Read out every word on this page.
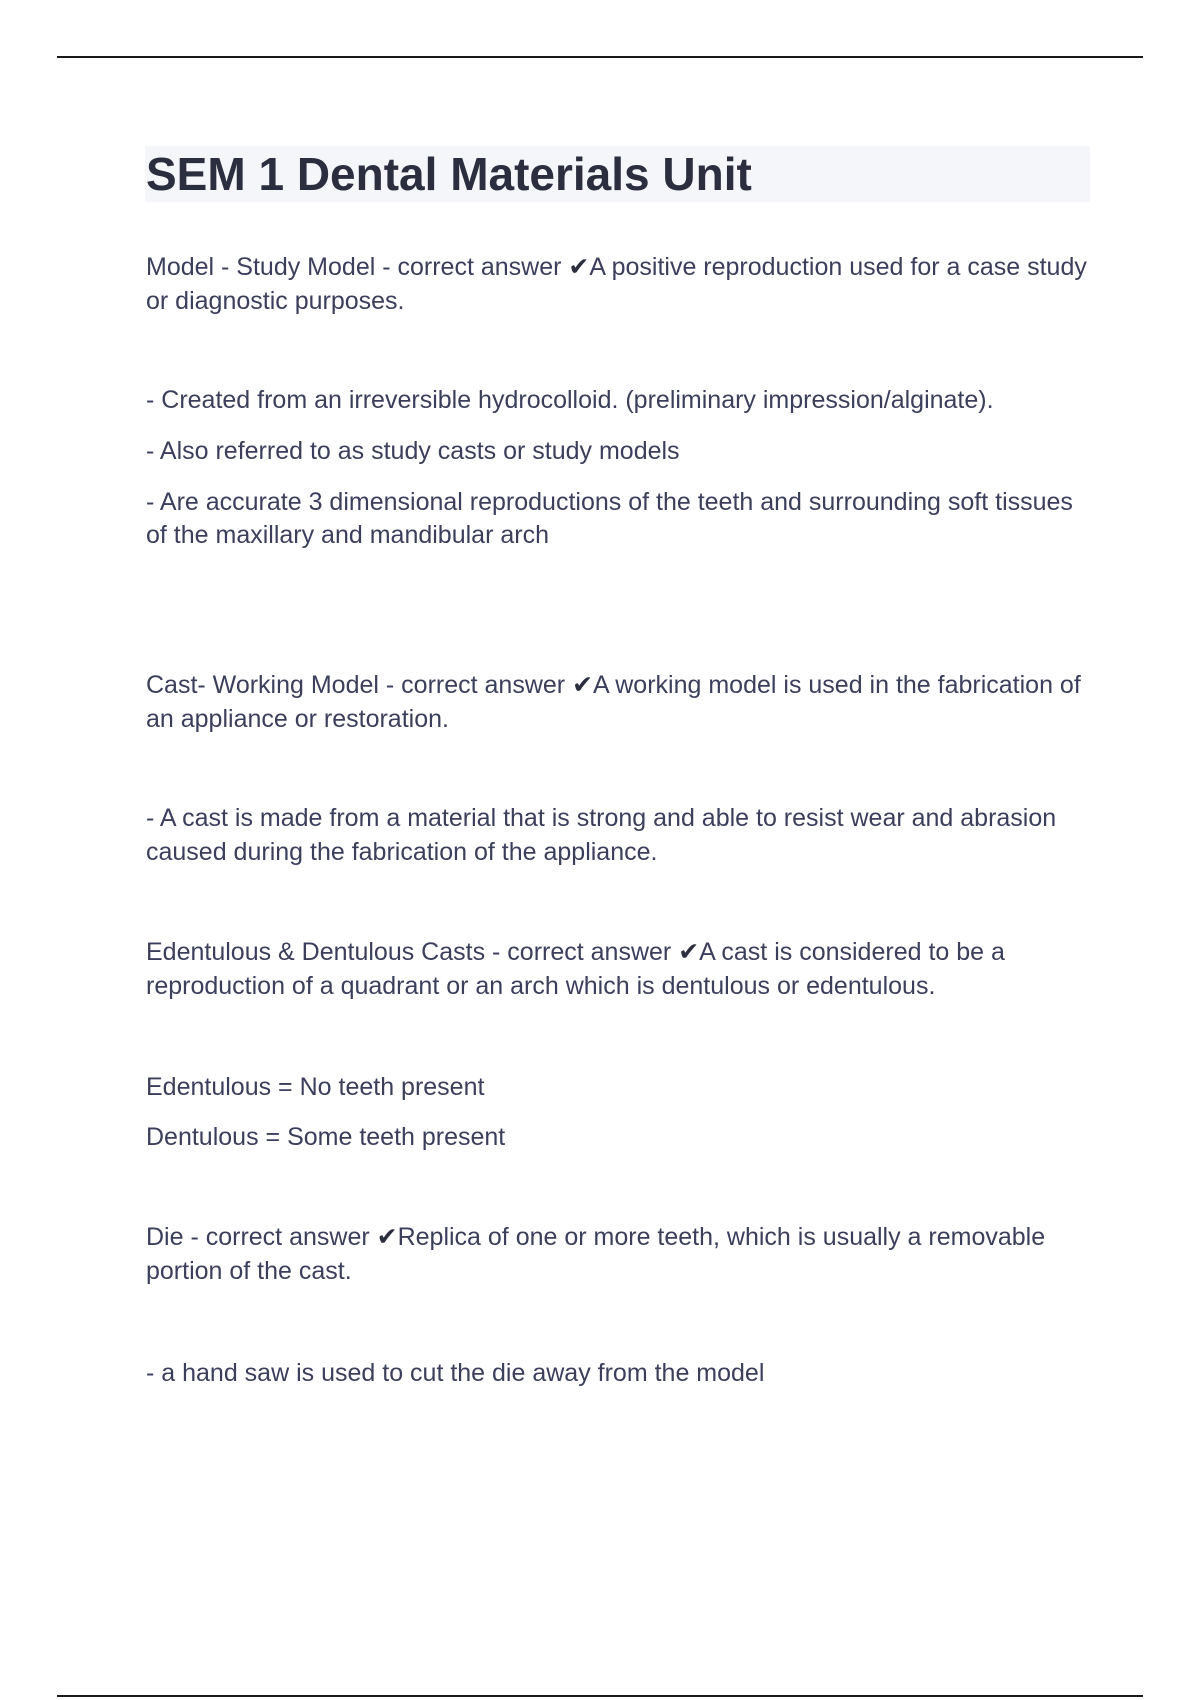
SEM 1 Dental Materials Unit

Model - Study Model - correct answer ✔A positive reproduction used for a case study or diagnostic purposes.

- Created from an irreversible hydrocolloid. (preliminary impression/alginate).

- Also referred to as study casts or study models

- Are accurate 3 dimensional reproductions of the teeth and surrounding soft tissues of the maxillary and mandibular arch

Cast- Working Model - correct answer ✔A working model is used in the fabrication of an appliance or restoration.

- A cast is made from a material that is strong and able to resist wear and abrasion caused during the fabrication of the appliance.

Edentulous & Dentulous Casts - correct answer ✔A cast is considered to be a reproduction of a quadrant or an arch which is dentulous or edentulous.

Edentulous = No teeth present

Dentulous = Some teeth present

Die - correct answer ✔Replica of one or more teeth, which is usually a removable portion of the cast.

- a hand saw is used to cut the die away from the model
